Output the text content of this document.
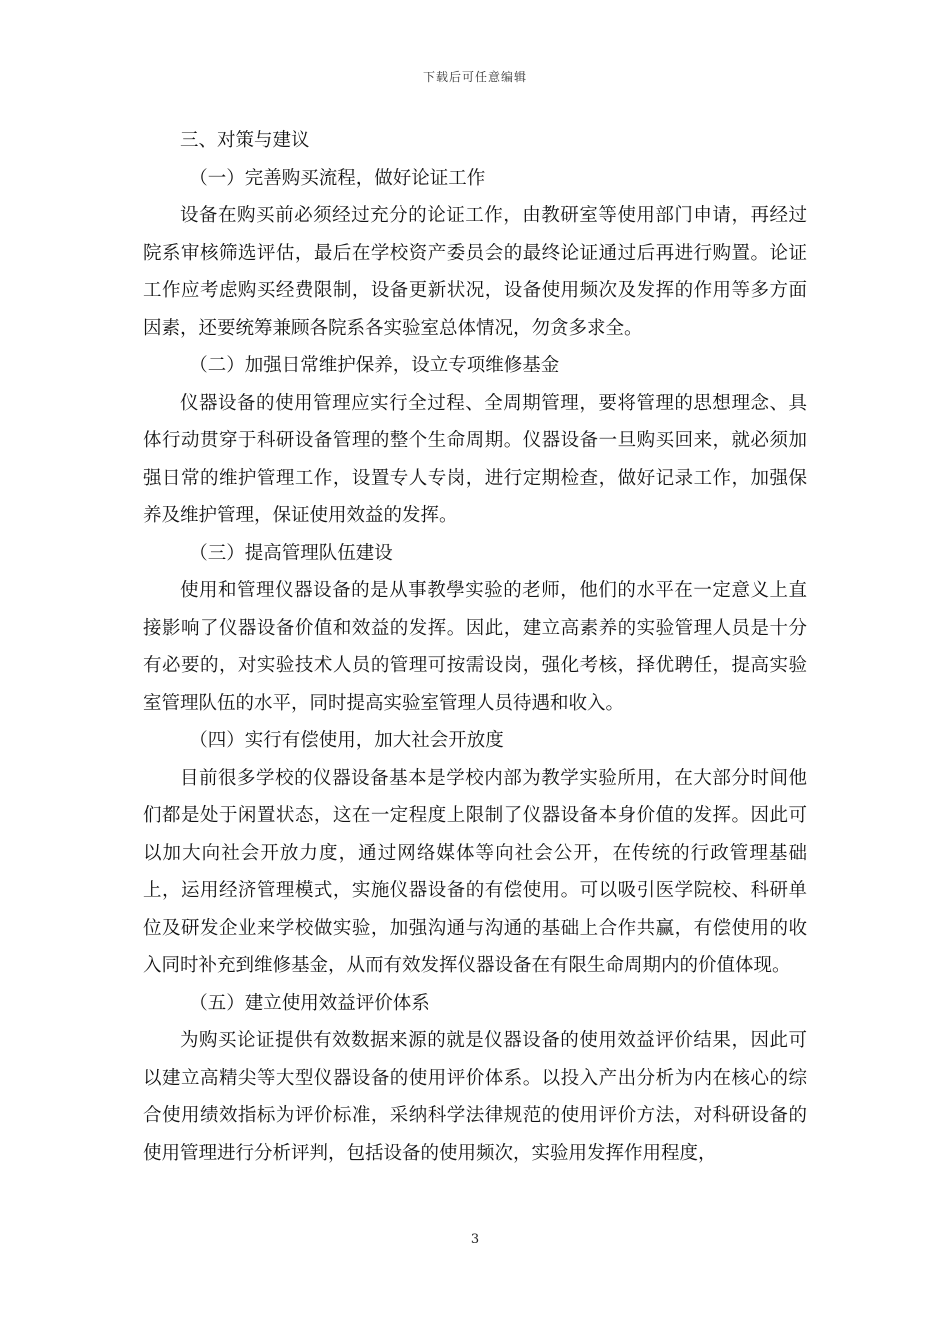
下载后可任意编辑

三、对策与建议

（一）完善购买流程，做好论证工作

设备在购买前必须经过充分的论证工作，由教研室等使用部门申请，再经过院系审核筛选评估，最后在学校资产委员会的最终论证通过后再进行购置。论证工作应考虑购买经费限制，设备更新状况，设备使用频次及发挥的作用等多方面因素，还要统筹兼顾各院系各实验室总体情况，勿贪多求全。

（二）加强日常维护保养，设立专项维修基金

仪器设备的使用管理应实行全过程、全周期管理，要将管理的思想理念、具体行动贯穿于科研设备管理的整个生命周期。仪器设备一旦购买回来，就必须加强日常的维护管理工作，设置专人专岗，进行定期检查，做好记录工作，加强保养及维护管理，保证使用效益的发挥。

（三）提高管理队伍建设

使用和管理仪器设备的是从事教學实验的老师，他们的水平在一定意义上直接影响了仪器设备价值和效益的发挥。因此，建立高素养的实验管理人员是十分有必要的，对实验技术人员的管理可按需设岗，强化考核，择优聘任，提高实验室管理队伍的水平，同时提高实验室管理人员待遇和收入。

（四）实行有偿使用，加大社会开放度

目前很多学校的仪器设备基本是学校内部为教学实验所用，在大部分时间他们都是处于闲置状态，这在一定程度上限制了仪器设备本身价值的发挥。因此可以加大向社会开放力度，通过网络媒体等向社会公开，在传统的行政管理基础上，运用经济管理模式，实施仪器设备的有偿使用。可以吸引医学院校、科研单位及研发企业来学校做实验，加强沟通与沟通的基础上合作共赢，有偿使用的收入同时补充到维修基金，从而有效发挥仪器设备在有限生命周期内的价值体现。

（五）建立使用效益评价体系

为购买论证提供有效数据来源的就是仪器设备的使用效益评价结果，因此可以建立高精尖等大型仪器设备的使用评价体系。以投入产出分析为内在核心的综合使用绩效指标为评价标准，采纳科学法律规范的使用评价方法，对科研设备的使用管理进行分析评判，包括设备的使用频次，实验用发挥作用程度，

3
